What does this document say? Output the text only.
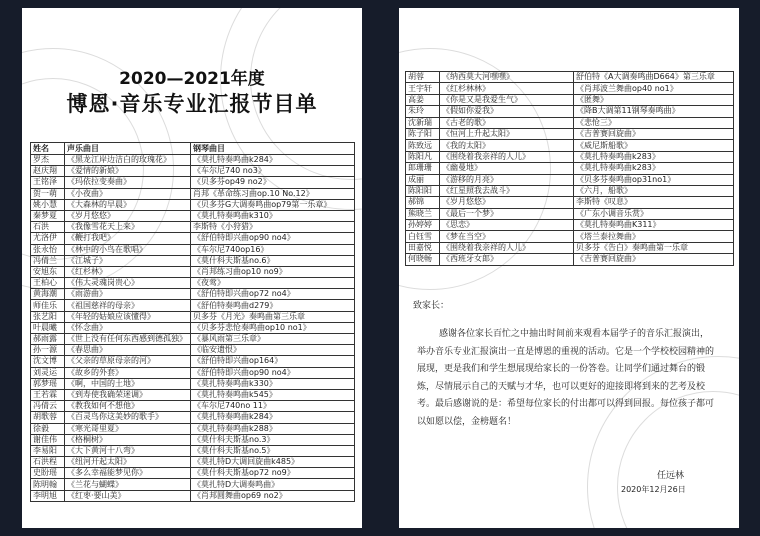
2020—2021年度
博恩·音乐专业汇报节目单
姓名	声乐曲目	钢琴曲目
罗杰	《黑龙江岸边洁白的玫瑰花》	《莫扎特奏鸣曲k284》
赵庆翔	《爱情的新娘》	《车尔尼740 no3》
王铭泽	《玛依拉变奏曲》	《贝多芬op49 no2》
贺一萌	《小夜曲》	肖邦《革命练习曲op.10 No.12》
姚小慧	《大森林的早晨》	《贝多芬G大调奏鸣曲op79第一乐章》
秦梦夏	《岁月悠悠》	《莫扎特奏鸣曲k310》
石洪	《我像雪花天上来》	李斯特《小狩猎》
尤洛伊	《鞭打我吧》	《舒伯特即兴曲op90 no4》
张永怡	《林中的小鸟在歌唱》	《车尔尼740op16》
冯倩兰	《江城子》	《莫什科夫斯基no.6》
安旭东	《红杉林》	《肖邦练习曲op10 no9》
王柏心	《伟大灵魂岗贵心》	《夜莺》
黄海潮	《雨游曲》	《舒伯特即兴曲op72 no4》
师佳乐	《祖国慈祥的母亲》	《舒伯特奏鸣曲d279》
张艺阳	《年轻的姑娘应该懂得》	贝多芬《月光》奏鸣曲第三乐章
叶晨曦	《怀念曲》	《贝多芬悲怆奏鸣曲op10 no1》
郝雨露	《世上没有任何东西感到德孤独》	《暴风雨第三乐章》
孙一源	《春思曲》	《临安遗恨》
沈文博	《父亲的草原母亲的河》	《舒伯特即兴曲op164》
刘灵运	《故乡的外套》	《舒伯特即兴曲op90 no4》
郭梦瑶	《啊，中国的土地》	《莫扎特奏鸣曲k330》
王若霖	《到寿使我确荣迷调》	《莫扎特奏鸣曲k545》
冯倩云	《教我如何不想他》	《车尔尼740no 11》
胡歌蓉	《百灵鸟你这美妙的歌手》	《莫扎特奏鸣曲k284》
徐毅	《寒光哥里夏》	《莫扎特奏鸣曲k288》
谢佳伟	《格桐树》	《莫什科夫斯基no.3》
李易阳	《大下黄河十八弯》	《莫什科夫斯基no.5》
石洪程	《纽河开起太阳》	《莫扎特D大调回旋曲k485》
史盼瑶	《多么幸福能梦见你》	《莫什科夫斯基op72 no9》
陈明翰	《兰花与蝴蝶》	《莫扎特D大调奏鸣曲》
李明旭	《红枣·要山美》	《肖邦圆舞曲op69 no2》
胡蓉	《纳西莫大河嘿嘿》	舒伯特《A大调奏鸣曲D664》第三乐章
王宇轩	《红杉林林》	《肖邦波兰舞曲op40 no1》
高姜	《你是又是我爱生气》	《匿舞》
朱玲	《假如你爱我》	《降B大调第11钢琴奏鸣曲》
沈新瑞	《古老的歌》	《悲怆三》
陈子阳	《恒河上升起太阳》	《吉普赛回旋曲》
陈致远	《我的太阳》	《威尼斯船歌》
陈阳凡	《围绕着我亲祥的人儿》	《莫扎特奏鸣曲k283》
郎珊珊	《幽曼地》	《莫扎特奏鸣曲k283》
成丽	《游移的月亮》	《贝多芬奏鸣曲op31no1》
陈阳阳	《红星照我去战斗》	《六月，船歌》
郝锦	《岁月悠悠》	李斯特《叹息》
熊晓兰	《最后一个梦》	《广东小调音乐赏》
孙婷婷	《思恋》	《莫扎特奏鸣曲K311》
白钰雪	《梦在当空》	《塔兰泰拉舞曲》
田嘉悦	《围绕着我亲祥的人儿》	贝多芬《告白》奏鸣曲第一乐章
何晓畅	《西班牙女郎》	《吉普赛回旋曲》
致家长：
感谢各位家长百忙之中抽出时间前来观看本届学子的音乐汇报演出，举办音乐专业汇报演出一直是博恩的重视的活动。它是一个学校校园精神的展现，更是我们和学生想展现给家长的一份答卷。让同学们通过舞台的锻炼，尽情展示自己的天赋与才华，也可以更好的迎接即将到来的艺考及校考。最后感谢说的是：希望每位家长的付出都可以得到回报。每位孩子都可以如愿以偿，金榜题名！
任远林
2020年12月26日
